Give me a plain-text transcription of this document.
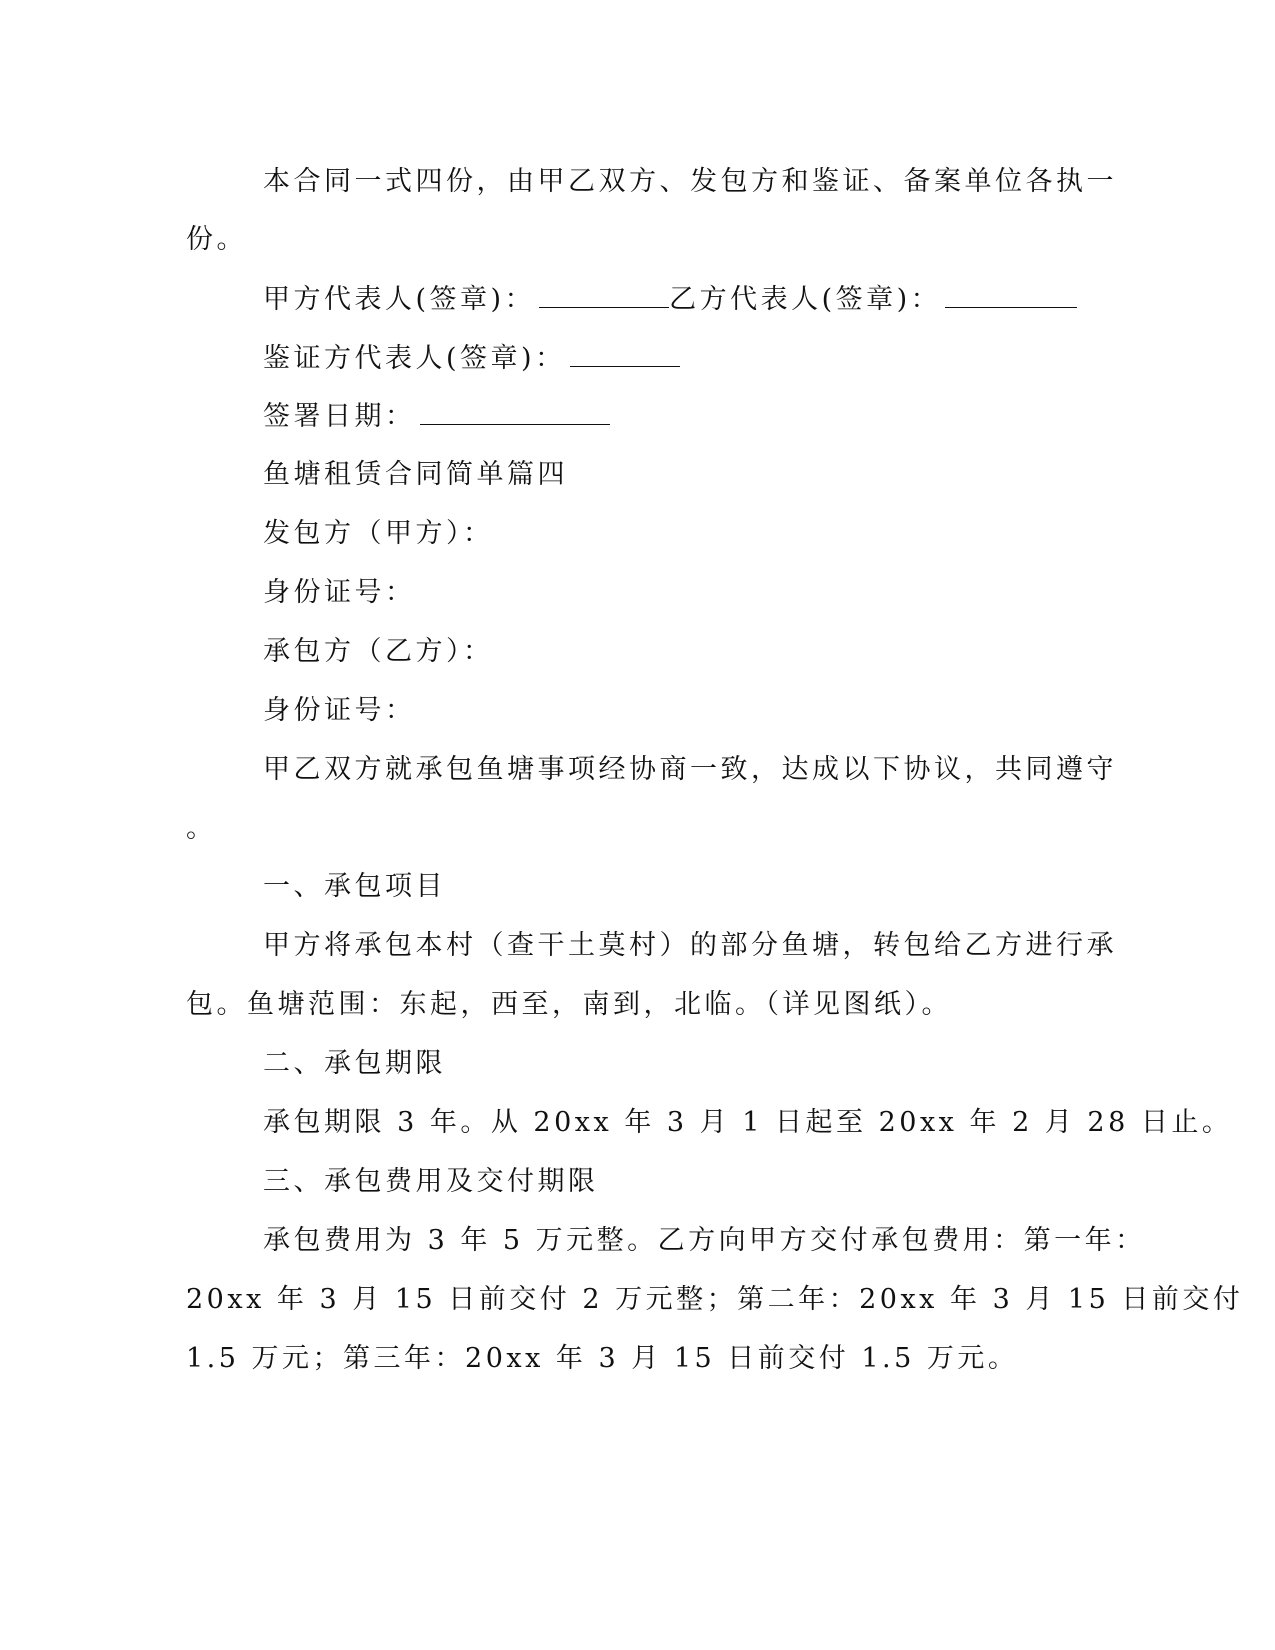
本合同一式四份，由甲乙双方、发包方和鉴证、备案单位各执一
份。
甲方代表人(签章)：	乙方代表人(签章)：
鉴证方代表人(签章)：
签署日期：
鱼塘租赁合同简单篇四
发包方（甲方）：
身份证号：
承包方（乙方）：
身份证号：
甲乙双方就承包鱼塘事项经协商一致，达成以下协议，共同遵守
。
一、承包项目
甲方将承包本村（查干土莫村）的部分鱼塘，转包给乙方进行承
包。鱼塘范围：东起，西至，南到，北临。（详见图纸）。
二、承包期限
承包期限 3 年。从 20xx 年 3 月 1 日起至 20xx 年 2 月 28 日止。
三、承包费用及交付期限
承包费用为 3 年 5 万元整。乙方向甲方交付承包费用：第一年：
20xx 年 3 月 15 日前交付 2 万元整；第二年：20xx 年 3 月 15 日前交付
1.5 万元；第三年：20xx 年 3 月 15 日前交付 1.5 万元。
